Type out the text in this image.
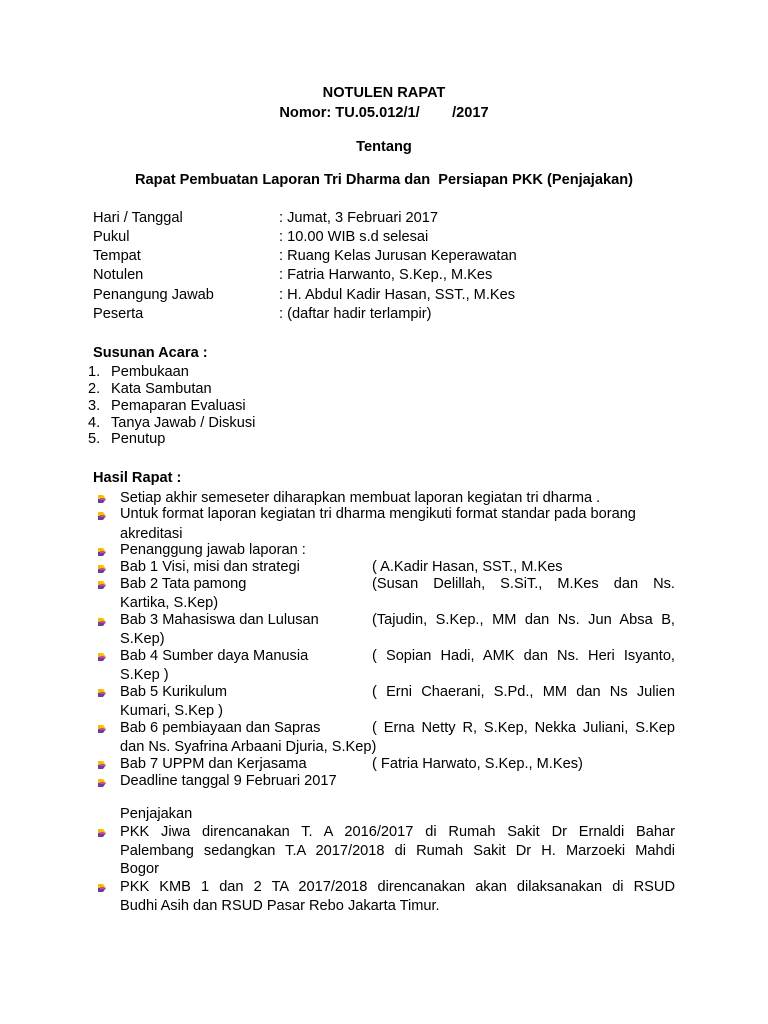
NOTULEN RAPAT
Nomor: TU.05.012/1/        /2017
Tentang
Rapat Pembuatan Laporan Tri Dharma dan  Persiapan PKK (Penjajakan)
Hari / Tanggal	: Jumat, 3 Februari 2017
Pukul	: 10.00 WIB s.d selesai
Tempat	: Ruang Kelas Jurusan Keperawatan
Notulen	: Fatria Harwanto, S.Kep., M.Kes
Penangung Jawab	: H. Abdul Kadir Hasan, SST., M.Kes
Peserta	: (daftar hadir terlampir)
Susunan Acara :
1. Pembukaan
2. Kata Sambutan
3. Pemaparan Evaluasi
4. Tanya Jawab / Diskusi
5. Penutup
Hasil Rapat :
Setiap akhir semeseter diharapkan membuat laporan kegiatan tri dharma .
Untuk format laporan kegiatan tri dharma mengikuti format standar pada borang
akreditasi
Penanggung jawab laporan :
Bab 1 Visi, misi dan strategi	( A.Kadir Hasan, SST., M.Kes
Bab 2 Tata pamong	(Susan Delillah, S.SiT., M.Kes dan Ns.
Kartika, S.Kep)
Bab 3 Mahasiswa dan Lulusan	(Tajudin, S.Kep., MM dan Ns. Jun Absa B,
S.Kep)
Bab 4 Sumber daya Manusia	( Sopian Hadi, AMK dan Ns. Heri Isyanto,
S.Kep )
Bab 5 Kurikulum	( Erni Chaerani, S.Pd., MM dan Ns Julien
Kumari, S.Kep )
Bab 6 pembiayaan dan Sapras	( Erna Netty R, S.Kep, Nekka Juliani, S.Kep
dan Ns. Syafrina Arbaani Djuria, S.Kep)
Bab 7 UPPM dan Kerjasama	( Fatria Harwato, S.Kep., M.Kes)
Deadline tanggal 9 Februari 2017
Penjajakan
PKK Jiwa direncanakan T. A 2016/2017 di Rumah Sakit Dr Ernaldi Bahar
Palembang sedangkan T.A 2017/2018 di Rumah Sakit Dr H. Marzoeki Mahdi
Bogor
PKK KMB 1 dan 2 TA 2017/2018 direncanakan akan dilaksanakan di RSUD
Budhi Asih dan RSUD Pasar Rebo Jakarta Timur.
